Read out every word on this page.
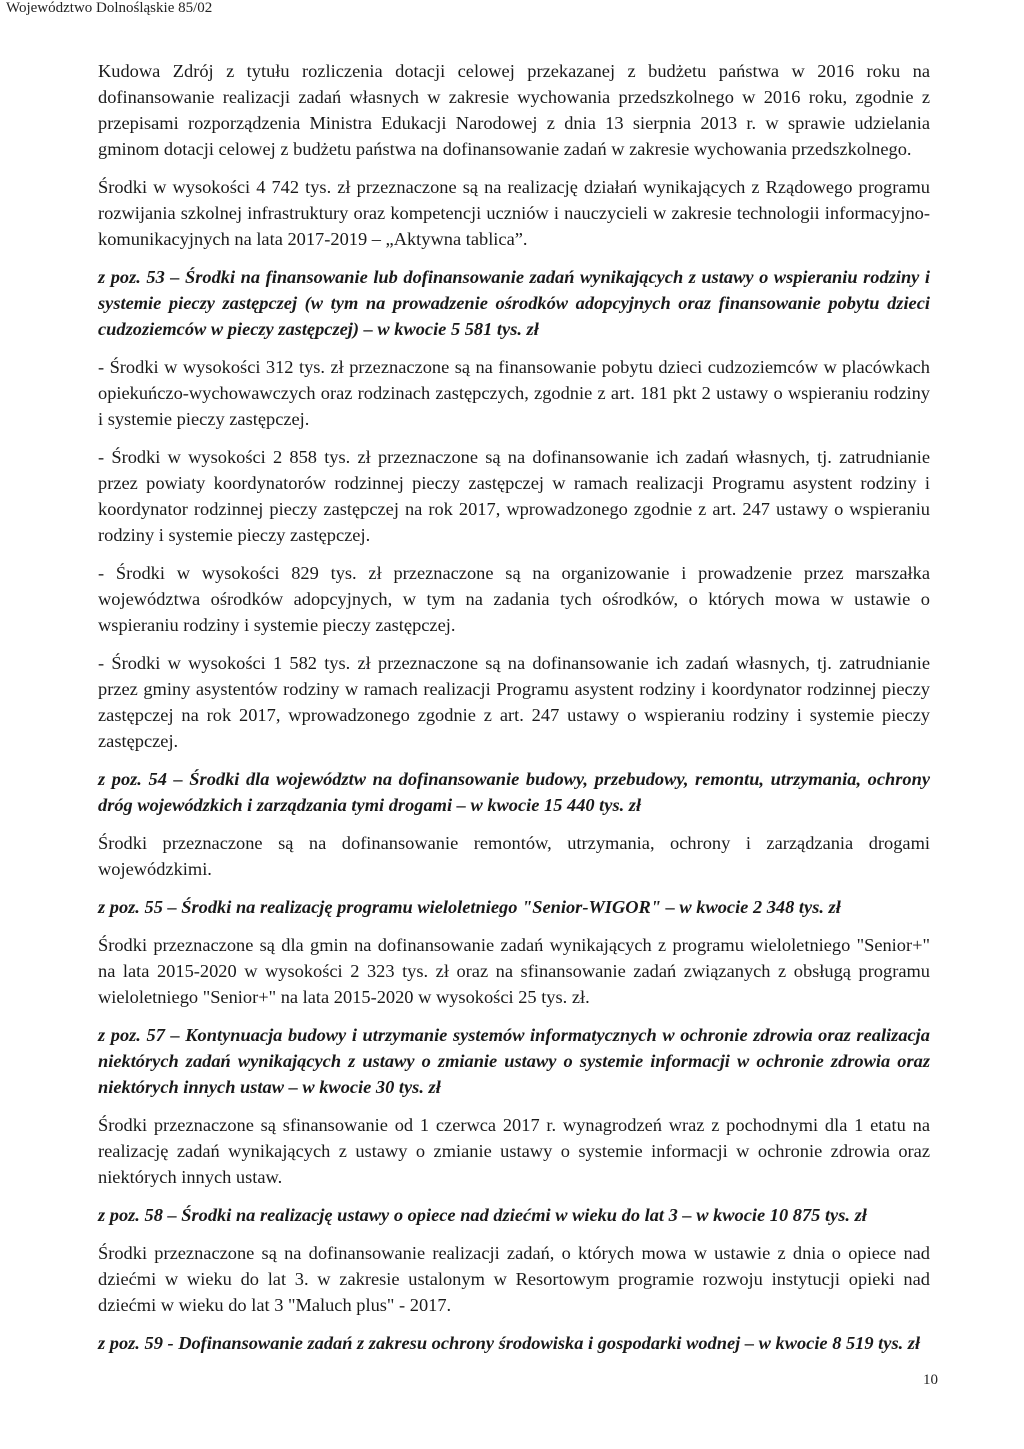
Województwo Dolnośląskie 85/02

Kudowa Zdrój z tytułu rozliczenia dotacji celowej przekazanej z budżetu państwa w 2016 roku na dofinansowanie realizacji zadań własnych w zakresie wychowania przedszkolnego w 2016 roku, zgodnie z przepisami rozporządzenia Ministra Edukacji Narodowej z dnia 13 sierpnia 2013 r. w sprawie udzielania gminom dotacji celowej z budżetu państwa na dofinansowanie zadań w zakresie wychowania przedszkolnego.

Środki w wysokości 4 742 tys. zł przeznaczone są na realizację działań wynikających z Rządowego programu rozwijania szkolnej infrastruktury oraz kompetencji uczniów i nauczycieli w zakresie technologii informacyjno-komunikacyjnych na lata 2017-2019 – „Aktywna tablica”.

z poz. 53 – Środki na finansowanie lub dofinansowanie zadań wynikających z ustawy o wspieraniu rodziny i systemie pieczy zastępczej (w tym na prowadzenie ośrodków adopcyjnych oraz finansowanie pobytu dzieci cudzoziemców w pieczy zastępczej) – w kwocie 5 581 tys. zł

- Środki w wysokości 312 tys. zł przeznaczone są na finansowanie pobytu dzieci cudzoziemców w placówkach opiekuńczo-wychowawczych oraz rodzinach zastępczych, zgodnie z art. 181 pkt 2 ustawy o wspieraniu rodziny i systemie pieczy zastępczej.

- Środki w wysokości 2 858 tys. zł przeznaczone są na dofinansowanie ich zadań własnych, tj. zatrudnianie przez powiaty koordynatorów rodzinnej pieczy zastępczej w ramach realizacji Programu asystent rodziny i koordynator rodzinnej pieczy zastępczej na rok 2017, wprowadzonego zgodnie z art. 247 ustawy o wspieraniu rodziny i systemie pieczy zastępczej.

- Środki w wysokości 829 tys. zł przeznaczone są na organizowanie i prowadzenie przez marszałka województwa ośrodków adopcyjnych, w tym na zadania tych ośrodków, o których mowa w ustawie o wspieraniu rodziny i systemie pieczy zastępczej.

- Środki w wysokości 1 582 tys. zł przeznaczone są na dofinansowanie ich zadań własnych, tj. zatrudnianie przez gminy asystentów rodziny w ramach realizacji Programu asystent rodziny i koordynator rodzinnej pieczy zastępczej na rok 2017, wprowadzonego zgodnie z art. 247 ustawy o wspieraniu rodziny i systemie pieczy zastępczej.

z poz. 54 – Środki dla województw na dofinansowanie budowy, przebudowy, remontu, utrzymania, ochrony dróg wojewódzkich i zarządzania tymi drogami – w kwocie 15 440 tys. zł

Środki przeznaczone są na dofinansowanie remontów, utrzymania, ochrony i zarządzania drogami wojewódzkimi.

z poz. 55 – Środki na realizację programu wieloletniego "Senior-WIGOR" – w kwocie 2 348 tys. zł

Środki przeznaczone są dla gmin na dofinansowanie zadań wynikających z programu wieloletniego "Senior+" na lata 2015-2020 w wysokości 2 323 tys. zł oraz na sfinansowanie zadań związanych z obsługą programu wieloletniego "Senior+" na lata 2015-2020 w wysokości 25 tys. zł.

z poz. 57 – Kontynuacja budowy i utrzymanie systemów informatycznych w ochronie zdrowia oraz realizacja niektórych zadań wynikających z ustawy o zmianie ustawy o systemie informacji w ochronie zdrowia oraz niektórych innych ustaw – w kwocie 30 tys. zł

Środki przeznaczone są sfinansowanie od 1 czerwca 2017 r. wynagrodzeń wraz z pochodnymi dla 1 etatu na realizację zadań wynikających z ustawy o zmianie ustawy o systemie informacji w ochronie zdrowia oraz niektórych innych ustaw.

z poz. 58 – Środki na realizację ustawy o opiece nad dziećmi w wieku do lat 3 – w kwocie 10 875 tys. zł

Środki przeznaczone są na dofinansowanie realizacji zadań, o których mowa w ustawie z dnia o opiece nad dziećmi w wieku do lat 3. w zakresie ustalonym w Resortowym programie rozwoju instytucji opieki nad dziećmi w wieku do lat 3 "Maluch plus" - 2017.

z poz. 59 - Dofinansowanie zadań z zakresu ochrony środowiska i gospodarki wodnej – w kwocie 8 519 tys. zł

10
